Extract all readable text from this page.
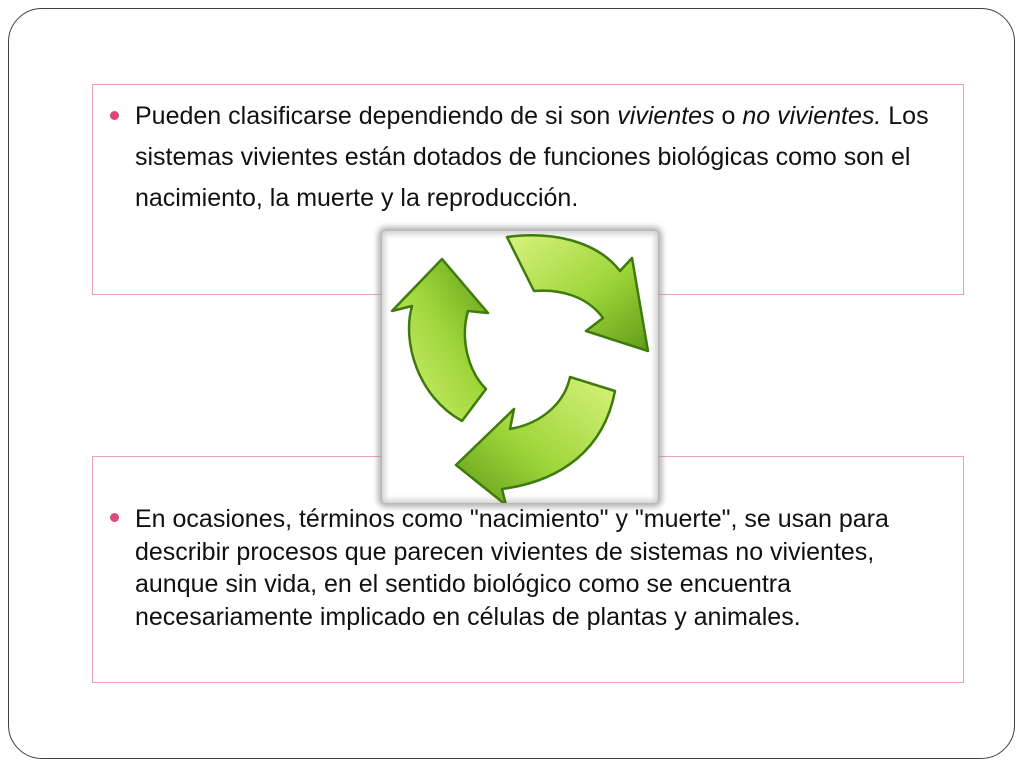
Pueden clasificarse dependiendo de si son vivientes o no vivientes. Los sistemas vivientes están dotados de funciones biológicas como son el nacimiento, la muerte y la reproducción.
En ocasiones, términos como "nacimiento" y "muerte", se usan para describir procesos que parecen vivientes de sistemas no vivientes, aunque sin vida, en el sentido biológico como se encuentra necesariamente implicado en células de plantas y animales.
